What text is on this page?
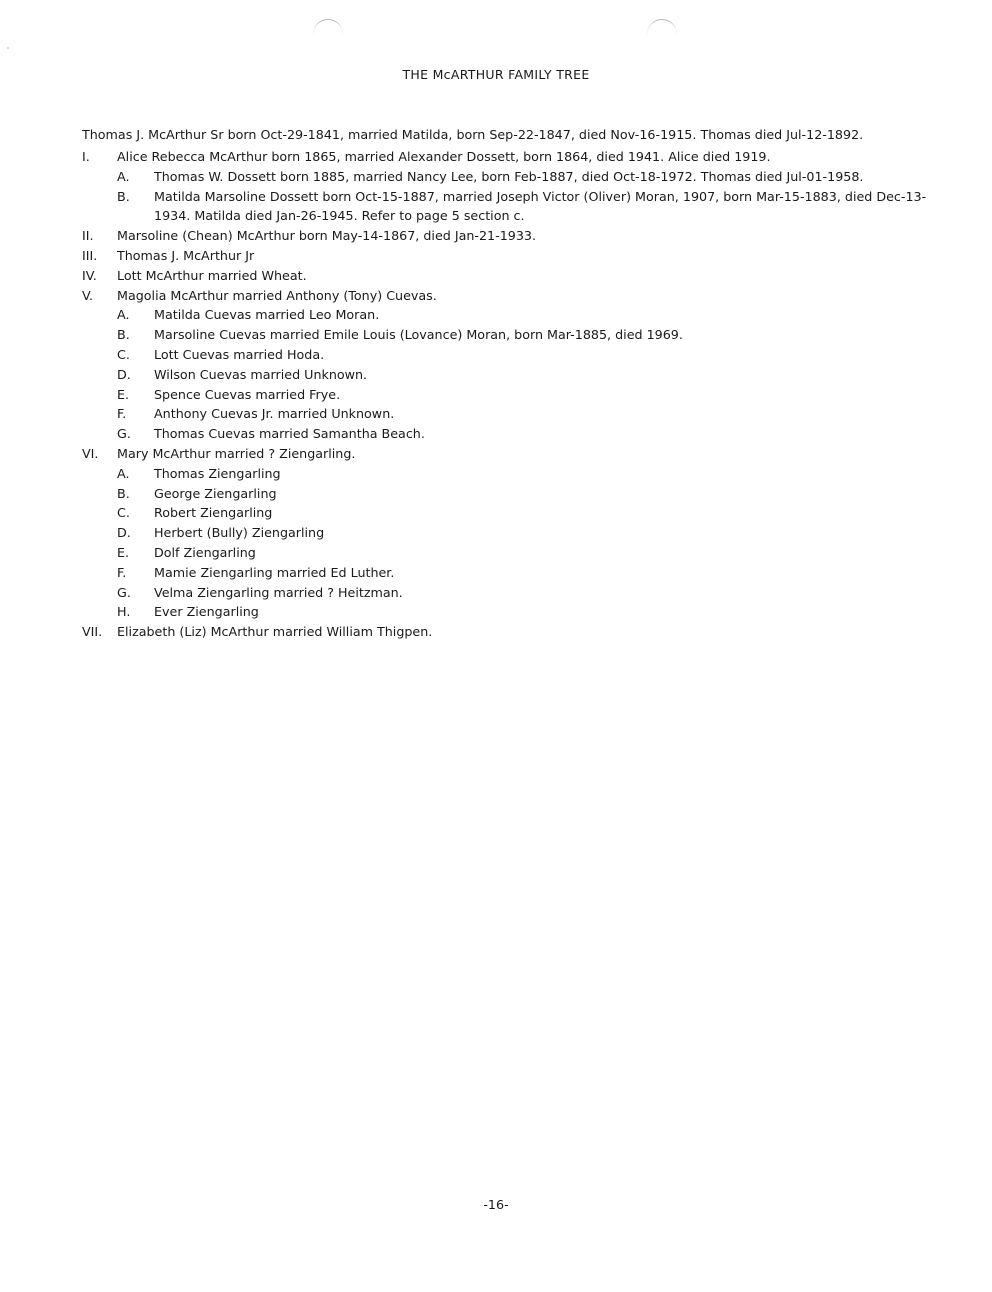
THE McARTHUR FAMILY TREE
Thomas J. McArthur Sr born Oct-29-1841, married Matilda, born Sep-22-1847, died Nov-16-1915. Thomas died Jul-12-1892.
I. Alice Rebecca McArthur born 1865, married Alexander Dossett, born 1864, died 1941. Alice died 1919.
A. Thomas W. Dossett born 1885, married Nancy Lee, born Feb-1887, died Oct-18-1972. Thomas died Jul-01-1958.
B. Matilda Marsoline Dossett born Oct-15-1887, married Joseph Victor (Oliver) Moran, 1907, born Mar-15-1883, died Dec-13-1934. Matilda died Jan-26-1945. Refer to page 5 section c.
II. Marsoline (Chean) McArthur born May-14-1867, died Jan-21-1933.
III. Thomas J. McArthur Jr
IV. Lott McArthur married Wheat.
V. Magolia McArthur married Anthony (Tony) Cuevas.
A. Matilda Cuevas married Leo Moran.
B. Marsoline Cuevas married Emile Louis (Lovance) Moran, born Mar-1885, died 1969.
C. Lott Cuevas married Hoda.
D. Wilson Cuevas married Unknown.
E. Spence Cuevas married Frye.
F. Anthony Cuevas Jr. married Unknown.
G. Thomas Cuevas married Samantha Beach.
VI. Mary McArthur married ? Ziengarling.
A. Thomas Ziengarling
B. George Ziengarling
C. Robert Ziengarling
D. Herbert (Bully) Ziengarling
E. Dolf Ziengarling
F. Mamie Ziengarling married Ed Luther.
G. Velma Ziengarling married ? Heitzman.
H. Ever Ziengarling
VII. Elizabeth (Liz) McArthur married William Thigpen.
-16-
